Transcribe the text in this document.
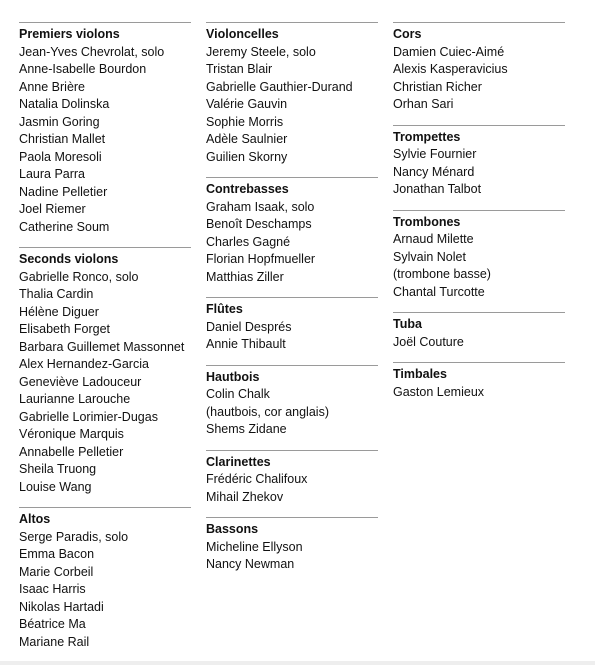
Premiers violons
Jean-Yves Chevrolat, solo
Anne-Isabelle Bourdon
Anne Brière
Natalia Dolinska
Jasmin Goring
Christian Mallet
Paola Moresoli
Laura Parra
Nadine Pelletier
Joel Riemer
Catherine Soum
Seconds violons
Gabrielle Ronco, solo
Thalia Cardin
Hélène Diguer
Elisabeth Forget
Barbara Guillemet Massonnet
Alex Hernandez-Garcia
Geneviève Ladouceur
Laurianne Larouche
Gabrielle Lorimier-Dugas
Véronique Marquis
Annabelle Pelletier
Sheila Truong
Louise Wang
Altos
Serge Paradis, solo
Emma Bacon
Marie Corbeil
Isaac Harris
Nikolas Hartadi
Béatrice Ma
Mariane Rail
Violoncelles
Jeremy Steele, solo
Tristan Blair
Gabrielle Gauthier-Durand
Valérie Gauvin
Sophie Morris
Adèle Saulnier
Guilien Skorny
Contrebasses
Graham Isaak, solo
Benoît Deschamps
Charles Gagné
Florian Hopfmueller
Matthias Ziller
Flûtes
Daniel Després
Annie Thibault
Hautbois
Colin Chalk
(hautbois, cor anglais)
Shems Zidane
Clarinettes
Frédéric Chalifoux
Mihail Zhekov
Bassons
Micheline Ellyson
Nancy Newman
Cors
Damien Cuiec-Aimé
Alexis Kasperavicius
Christian Richer
Orhan Sari
Trompettes
Sylvie Fournier
Nancy Ménard
Jonathan Talbot
Trombones
Arnaud Milette
Sylvain Nolet
(trombone basse)
Chantal Turcotte
Tuba
Joël Couture
Timbales
Gaston Lemieux
